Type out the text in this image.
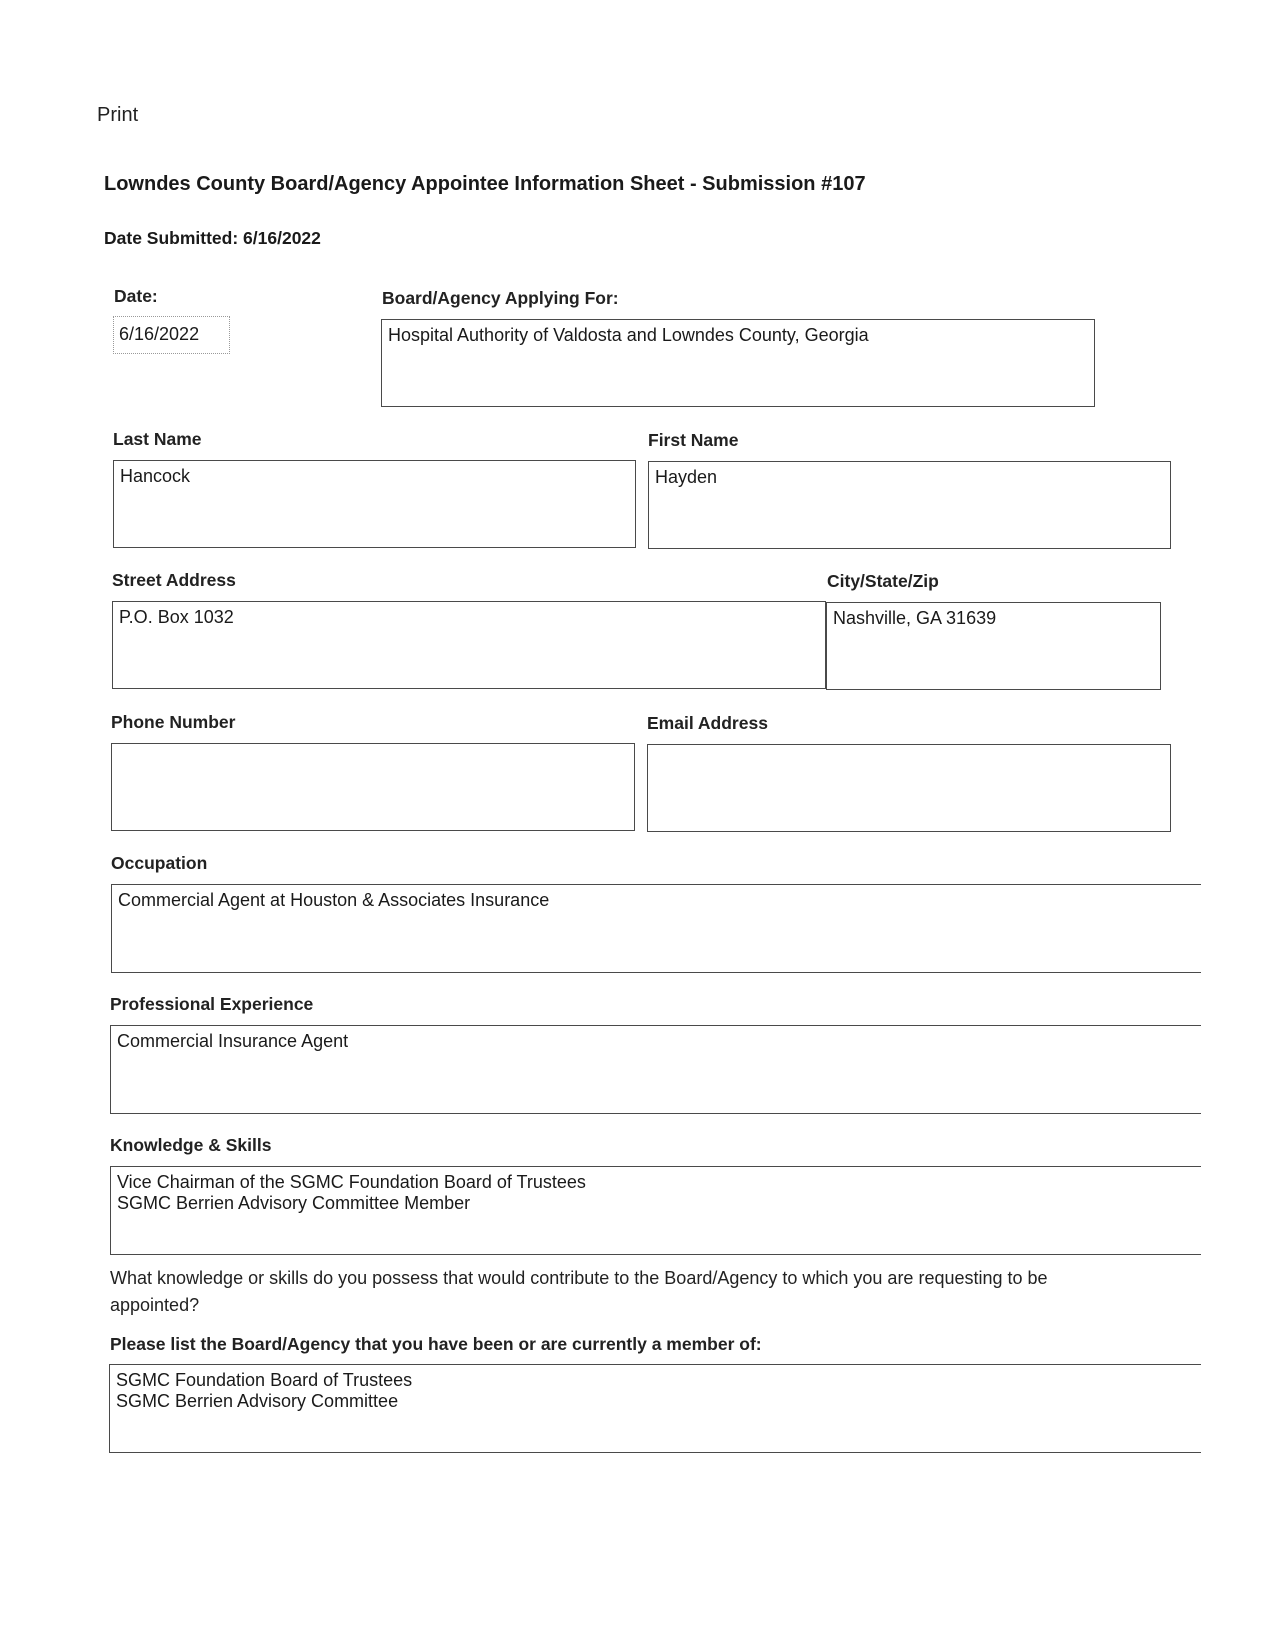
Print
Lowndes County Board/Agency Appointee Information Sheet - Submission #107
Date Submitted: 6/16/2022
Date:
6/16/2022
Board/Agency Applying For:
Hospital Authority of Valdosta and Lowndes County, Georgia
Last Name
Hancock
First Name
Hayden
Street Address
P.O. Box 1032
City/State/Zip
Nashville, GA 31639
Phone Number	Email Address
Occupation
Commercial Agent at Houston & Associates Insurance
Professional Experience
Commercial Insurance Agent
Knowledge & Skills
Vice Chairman of the SGMC Foundation Board of Trustees
SGMC Berrien Advisory Committee Member
What knowledge or skills do you possess that would contribute to the Board/Agency to which you are requesting to be appointed?
Please list the Board/Agency that you have been or are currently a member of:
SGMC Foundation Board of Trustees
SGMC Berrien Advisory Committee
